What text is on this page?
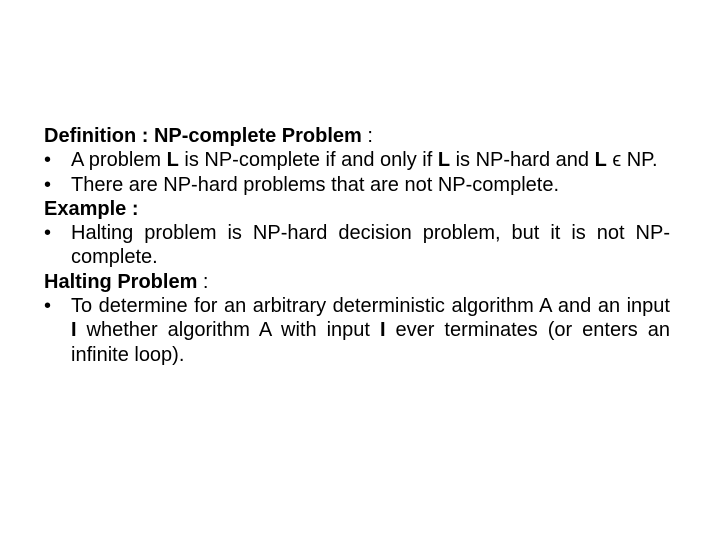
Definition : NP-complete Problem :

• A problem L is NP-complete if and only if L is NP-hard and L ϵ NP.
• There are NP-hard problems that are not NP-complete.

Example :

• Halting problem is NP-hard decision problem, but it is not NP-complete.

Halting Problem :

• To determine for an arbitrary deterministic algorithm A and an input I whether algorithm A with input I ever terminates (or enters an infinite loop).
